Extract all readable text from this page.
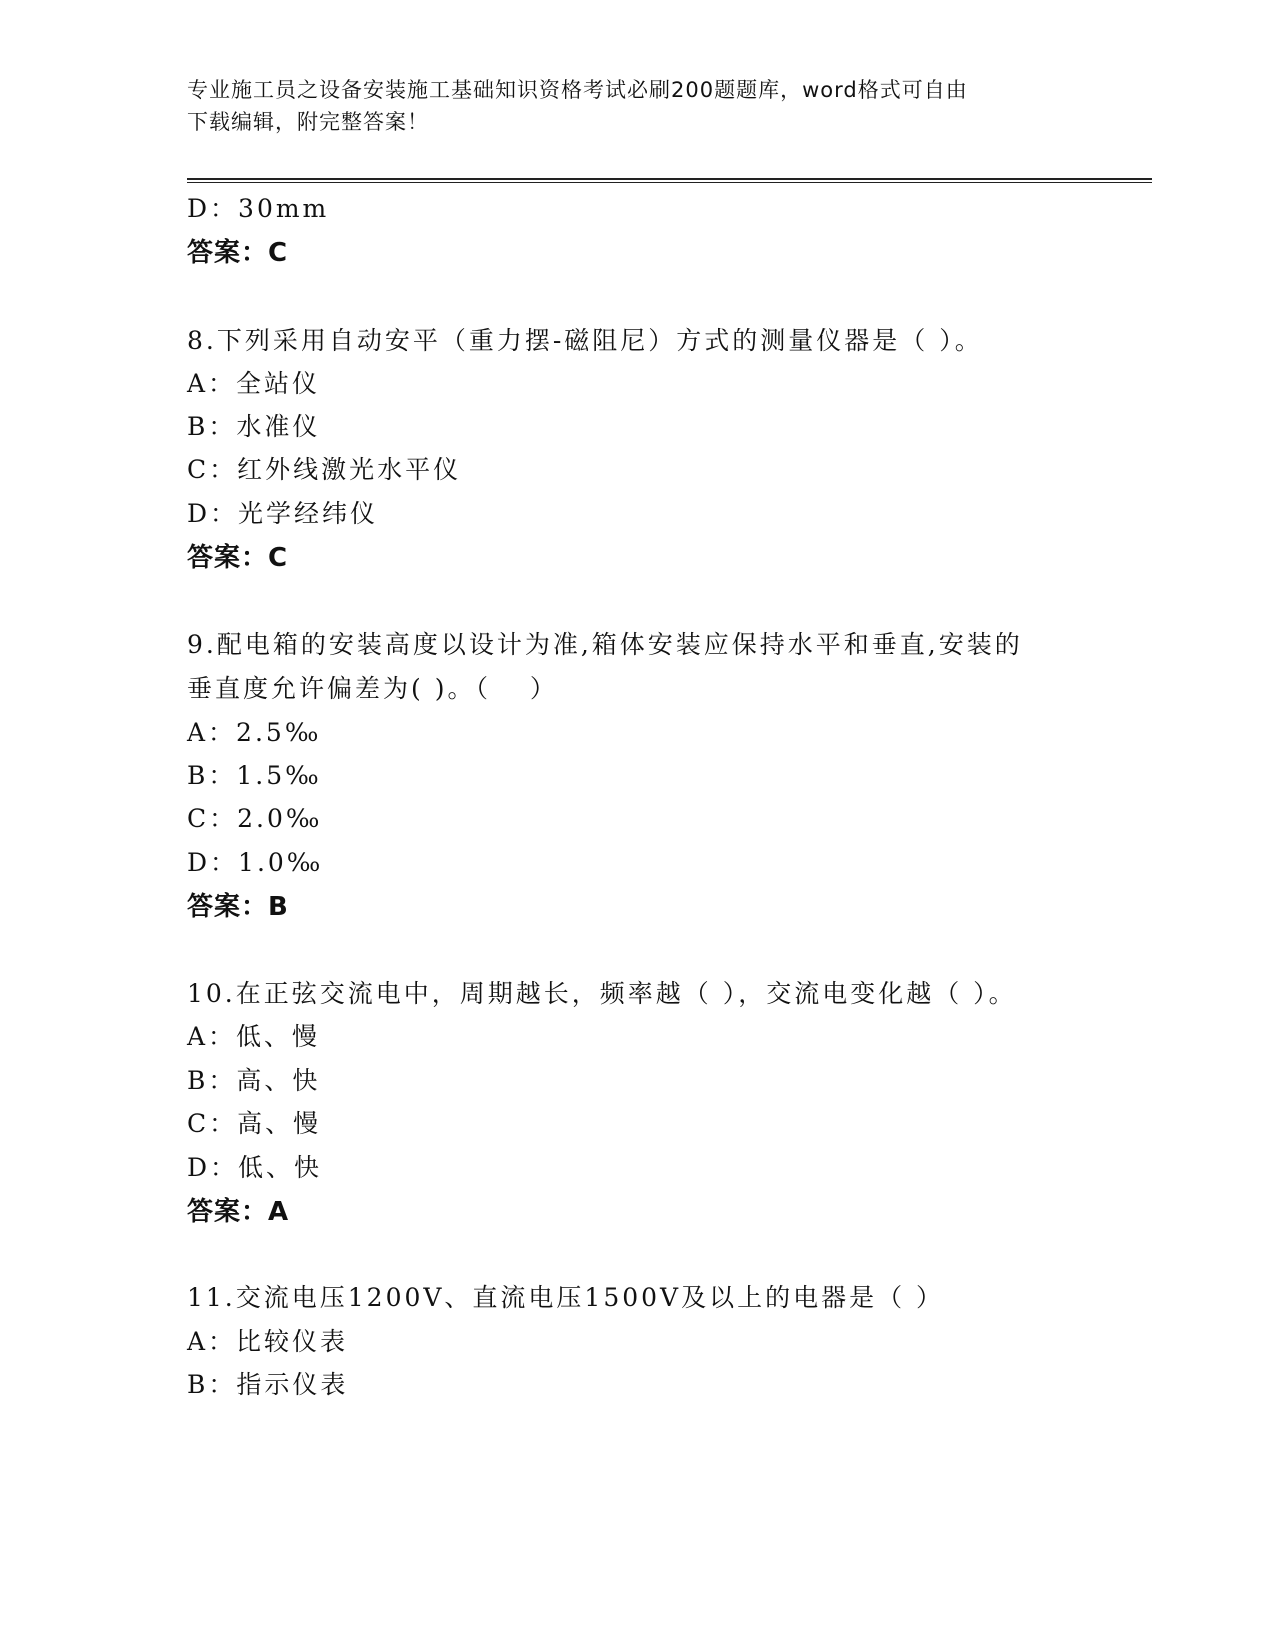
专业施工员之设备安装施工基础知识资格考试必刷200题题库，word格式可自由
下载编辑，附完整答案！
D：30mm
答案：C
8.下列采用自动安平（重力摆-磁阻尼）方式的测量仪器是（ ）。
A：全站仪
B：水准仪
C：红外线激光水平仪
D：光学经纬仪
答案：C
9.配电箱的安装高度以设计为准,箱体安装应保持水平和垂直,安装的
垂直度允许偏差为( )。（　 ）
A：2.5‰
B：1.5‰
C：2.0‰
D：1.0‰
答案：B
10.在正弦交流电中，周期越长，频率越（ ），交流电变化越（ ）。
A：低、慢
B：高、快
C：高、慢
D：低、快
答案：A
11.交流电压1200V、直流电压1500V及以上的电器是（ ）
A：比较仪表
B：指示仪表
